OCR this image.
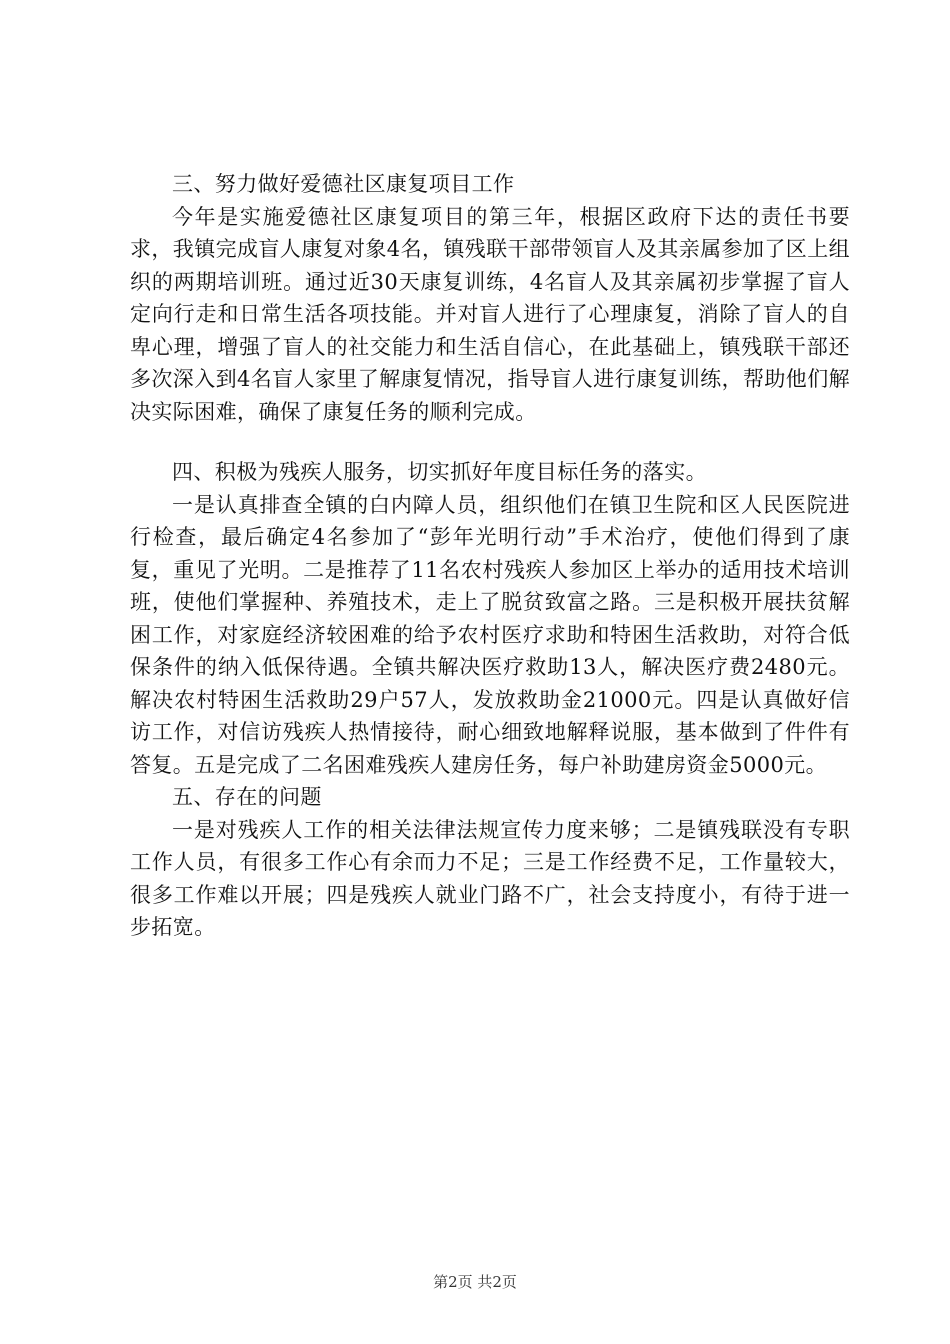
三、努力做好爱德社区康复项目工作

今年是实施爱德社区康复项目的第三年，根据区政府下达的责任书要求，我镇完成盲人康复对象4名，镇残联干部带领盲人及其亲属参加了区上组织的两期培训班。通过近30天康复训练，4名盲人及其亲属初步掌握了盲人定向行走和日常生活各项技能。并对盲人进行了心理康复，消除了盲人的自卑心理，增强了盲人的社交能力和生活自信心，在此基础上，镇残联干部还多次深入到4名盲人家里了解康复情况，指导盲人进行康复训练，帮助他们解决实际困难，确保了康复任务的顺利完成。

四、积极为残疾人服务，切实抓好年度目标任务的落实。

一是认真排查全镇的白内障人员，组织他们在镇卫生院和区人民医院进行检查，最后确定4名参加了“彭年光明行动”手术治疗，使他们得到了康复，重见了光明。二是推荐了11名农村残疾人参加区上举办的适用技术培训班，使他们掌握种、养殖技术，走上了脱贫致富之路。三是积极开展扶贫解困工作，对家庭经济较困难的给予农村医疗求助和特困生活救助，对符合低保条件的纳入低保待遇。全镇共解决医疗救助13人，解决医疗费2480元。解决农村特困生活救助29户57人，发放救助金21000元。四是认真做好信访工作，对信访残疾人热情接待，耐心细致地解释说服，基本做到了件件有答复。五是完成了二名困难残疾人建房任务，每户补助建房资金5000元。

五、存在的问题

一是对残疾人工作的相关法律法规宣传力度来够；二是镇残联没有专职工作人员，有很多工作心有余而力不足；三是工作经费不足，工作量较大，很多工作难以开展；四是残疾人就业门路不广，社会支持度小，有待于进一步拓宽。

第2页 共2页
